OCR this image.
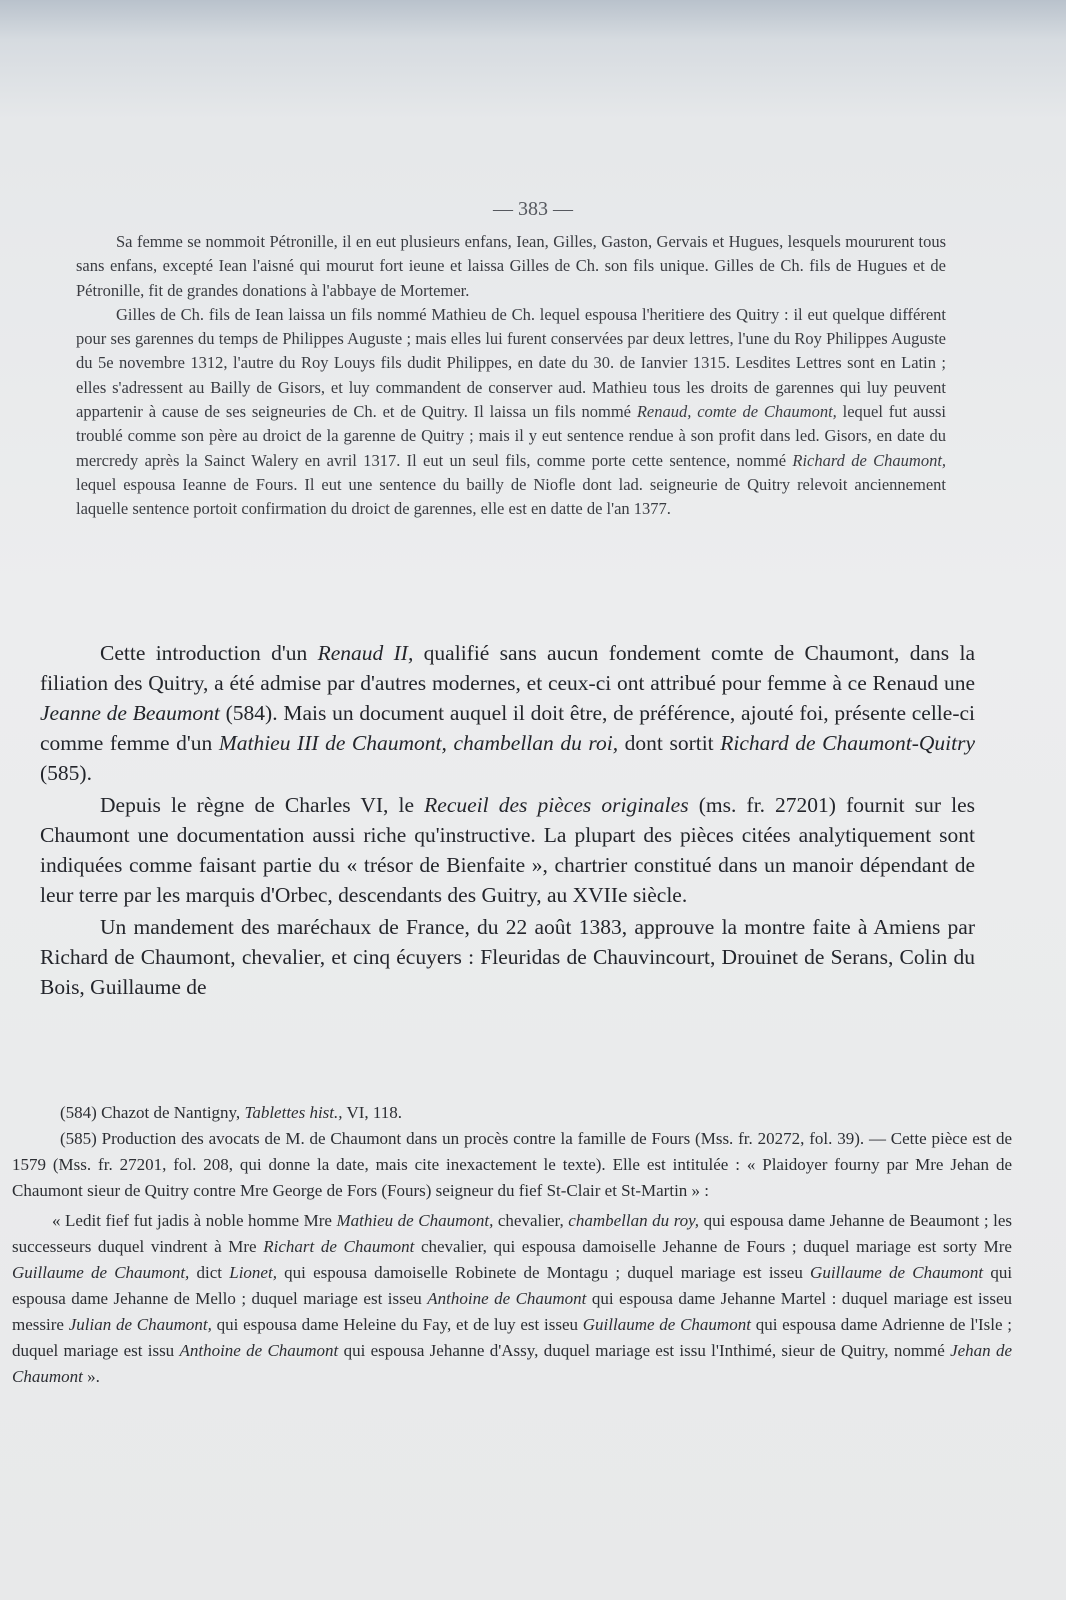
— 383 —

Sa femme se nommoit Pétronille, il en eut plusieurs enfans, Iean, Gilles, Gaston, Gervais et Hugues, lesquels moururent tous sans enfans, excepté Iean l'aisné qui mourut fort ieune et laissa Gilles de Ch. son fils unique. Gilles de Ch. fils de Hugues et de Pétronille, fit de grandes donations à l'abbaye de Mortemer.

Gilles de Ch. fils de Iean laissa un fils nommé Mathieu de Ch. lequel espousa l'heritiere des Quitry : il eut quelque différent pour ses garennes du temps de Philippes Auguste ; mais elles lui furent conservées par deux lettres, l'une du Roy Philippes Auguste du 5e novembre 1312, l'autre du Roy Louys fils dudit Philippes, en date du 30. de Ianvier 1315. Lesdites Lettres sont en Latin ; elles s'adressent au Bailly de Gisors, et luy commandent de conserver aud. Mathieu tous les droits de garennes qui luy peuvent appartenir à cause de ses seigneuries de Ch. et de Quitry. Il laissa un fils nommé Renaud, comte de Chaumont, lequel fut aussi troublé comme son père au droict de la garenne de Quitry ; mais il y eut sentence rendue à son profit dans led. Gisors, en date du mercredy après la Sainct Walery en avril 1317. Il eut un seul fils, comme porte cette sentence, nommé Richard de Chaumont, lequel espousa Ieanne de Fours. Il eut une sentence du bailly de Niofle dont lad. seigneurie de Quitry relevoit anciennement laquelle sentence portoit confirmation du droict de garennes, elle est en datte de l'an 1377.

Cette introduction d'un Renaud II, qualifié sans aucun fondement comte de Chaumont, dans la filiation des Quitry, a été admise par d'autres modernes, et ceux-ci ont attribué pour femme à ce Renaud une Jeanne de Beaumont (584). Mais un document auquel il doit être, de préférence, ajouté foi, présente celle-ci comme femme d'un Mathieu III de Chaumont, chambellan du roi, dont sortit Richard de Chaumont-Quitry (585).

Depuis le règne de Charles VI, le Recueil des pièces originales (ms. fr. 27201) fournit sur les Chaumont une documentation aussi riche qu'instructive. La plupart des pièces citées analytiquement sont indiquées comme faisant partie du « trésor de Bienfaite », chartrier constitué dans un manoir dépendant de leur terre par les marquis d'Orbec, descendants des Guitry, au XVIIe siècle.

Un mandement des maréchaux de France, du 22 août 1383, approuve la montre faite à Amiens par Richard de Chaumont, chevalier, et cinq écuyers : Fleuridas de Chauvincourt, Drouinet de Serans, Colin du Bois, Guillaume de

(584) Chazot de Nantigny, Tablettes hist., VI, 118.

(585) Production des avocats de M. de Chaumont dans un procès contre la famille de Fours (Mss. fr. 20272, fol. 39). — Cette pièce est de 1579 (Mss. fr. 27201, fol. 208, qui donne la date, mais cite inexactement le texte). Elle est intitulée : « Plaidoyer fourny par Mre Jehan de Chaumont sieur de Quitry contre Mre George de Fors (Fours) seigneur du fief St-Clair et St-Martin » :

« Ledit fief fut jadis à noble homme Mre Mathieu de Chaumont, chevalier, chambellan du roy, qui espousa dame Jehanne de Beaumont ; les successeurs duquel vindrent à Mre Richart de Chaumont chevalier, qui espousa damoiselle Jehanne de Fours ; duquel mariage est sorty Mre Guillaume de Chaumont, dict Lionet, qui espousa damoiselle Robinete de Montagu ; duquel mariage est isseu Guillaume de Chaumont qui espousa dame Jehanne de Mello ; duquel mariage est isseu Anthoine de Chaumont qui espousa dame Jehanne Martel : duquel mariage est isseu messire Julian de Chaumont, qui espousa dame Heleine du Fay, et de luy est isseu Guillaume de Chaumont qui espousa dame Adrienne de l'Isle ; duquel mariage est issu Anthoine de Chaumont qui espousa Jehanne d'Assy, duquel mariage est issu l'Inthimé, sieur de Quitry, nommé Jehan de Chaumont ».
